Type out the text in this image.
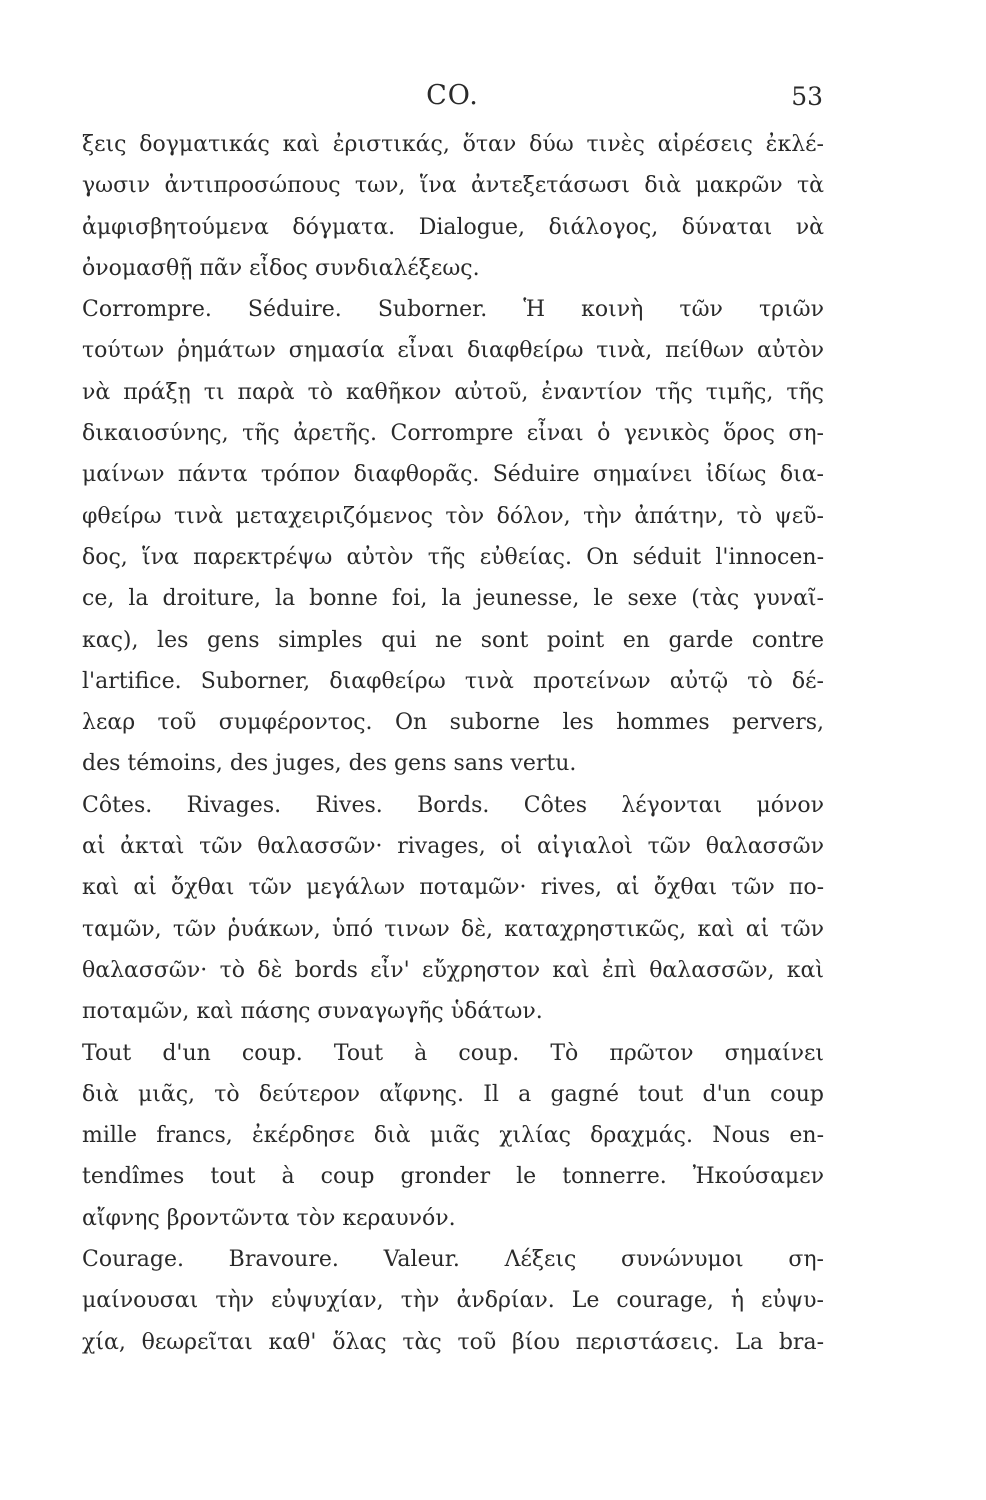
CO.	53
ξεις δογματικάς καὶ ἐριστικάς, ὅταν δύω τινὲς αἱρέσεις ἐκλέ-
γωσιν ἀντιπροσώπους των, ἵνα ἀντεξετάσωσι διὰ μακρῶν τὰ
ἀμφισβητούμενα δόγματα. Dialogue, διάλογος, δύναται νὰ
ὀνομασθῇ πᾶν εἶδος συνδιαλέξεως.
Corrompre. Séduire. Suborner. Ἡ κοινὴ τῶν τριῶν
τούτων ῥημάτων σημασία εἶναι διαφθείρω τινὰ, πείθων αὐτὸν
νὰ πράξῃ τι παρὰ τὸ καθῆκον αὐτοῦ, ἐναντίον τῆς τιμῆς, τῆς
δικαιοσύνης, τῆς ἀρετῆς. Corrompre εἶναι ὁ γενικὸς ὅρος ση-
μαίνων πάντα τρόπον διαφθορᾶς. Séduire σημαίνει ἰδίως δια-
φθείρω τινὰ μεταχειριζόμενος τὸν δόλον, τὴν ἀπάτην, τὸ ψεῦ-
δος, ἵνα παρεκτρέψω αὐτὸν τῆς εὐθείας. On séduit l'innocen-
ce, la droiture, la bonne foi, la jeunesse, le sexe (τὰς γυναῖ-
κας), les gens simples qui ne sont point en garde contre
l'artifice. Suborner, διαφθείρω τινὰ προτείνων αὐτῷ τὸ δέ-
λεαρ τοῦ συμφέροντος. On suborne les hommes pervers,
des témoins, des juges, des gens sans vertu.
Côtes. Rivages. Rives. Bords. Côtes λέγονται μόνον
αἱ ἀκταὶ τῶν θαλασσῶν· rivages, οἱ αἰγιαλοὶ τῶν θαλασσῶν
καὶ αἱ ὄχθαι τῶν μεγάλων ποταμῶν· rives, αἱ ὄχθαι τῶν πο-
ταμῶν, τῶν ῥυάκων, ὑπό τινων δὲ, καταχρηστικῶς, καὶ αἱ τῶν
θαλασσῶν· τὸ δὲ bords εἶν' εὔχρηστον καὶ ἐπὶ θαλασσῶν, καὶ
ποταμῶν, καὶ πάσης συναγωγῆς ὑδάτων.
Tout d'un coup. Tout à coup. Τὸ πρῶτον σημαίνει
διὰ μιᾶς, τὸ δεύτερον αἴφνης. Il a gagné tout d'un coup
mille francs, ἐκέρδησε διὰ μιᾶς χιλίας δραχμάς. Nous en-
tendîmes tout à coup gronder le tonnerre. Ἠκούσαμεν
αἴφνης βροντῶντα τὸν κεραυνόν.
Courage. Bravoure. Valeur. Λέξεις συνώνυμοι ση-
μαίνουσαι τὴν εὐψυχίαν, τὴν ἀνδρίαν. Le courage, ἡ εὐψυ-
χία, θεωρεῖται καθ' ὅλας τὰς τοῦ βίου περιστάσεις. La bra-
